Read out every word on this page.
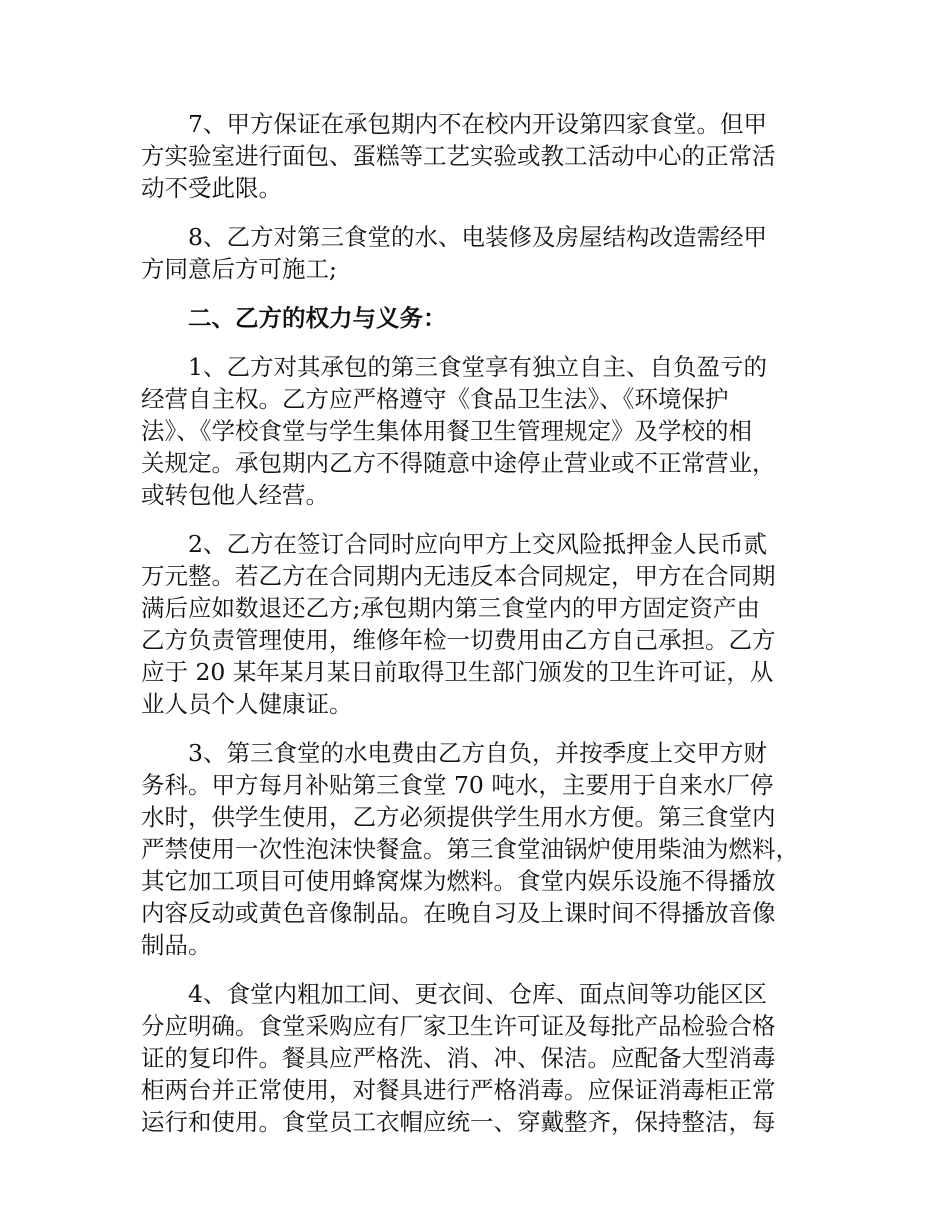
7、甲方保证在承包期内不在校内开设第四家食堂。但甲
方实验室进行面包、蛋糕等工艺实验或教工活动中心的正常活
动不受此限。
8、乙方对第三食堂的水、电装修及房屋结构改造需经甲
方同意后方可施工;
二、乙方的权力与义务：
1、乙方对其承包的第三食堂享有独立自主、自负盈亏的
经营自主权。乙方应严格遵守《食品卫生法》、《环境保护
法》、《学校食堂与学生集体用餐卫生管理规定》及学校的相
关规定。承包期内乙方不得随意中途停止营业或不正常营业，
或转包他人经营。
2、乙方在签订合同时应向甲方上交风险抵押金人民币贰
万元整。若乙方在合同期内无违反本合同规定，甲方在合同期
满后应如数退还乙方;承包期内第三食堂内的甲方固定资产由
乙方负责管理使用，维修年检一切费用由乙方自己承担。乙方
应于 20 某年某月某日前取得卫生部门颁发的卫生许可证，从
业人员个人健康证。
3、第三食堂的水电费由乙方自负，并按季度上交甲方财
务科。甲方每月补贴第三食堂 70 吨水，主要用于自来水厂停
水时，供学生使用，乙方必须提供学生用水方便。第三食堂内
严禁使用一次性泡沫快餐盒。第三食堂油锅炉使用柴油为燃料，
其它加工项目可使用蜂窝煤为燃料。食堂内娱乐设施不得播放
内容反动或黄色音像制品。在晚自习及上课时间不得播放音像
制品。
4、食堂内粗加工间、更衣间、仓库、面点间等功能区区
分应明确。食堂采购应有厂家卫生许可证及每批产品检验合格
证的复印件。餐具应严格洗、消、冲、保洁。应配备大型消毒
柜两台并正常使用，对餐具进行严格消毒。应保证消毒柜正常
运行和使用。食堂员工衣帽应统一、穿戴整齐，保持整洁，每
